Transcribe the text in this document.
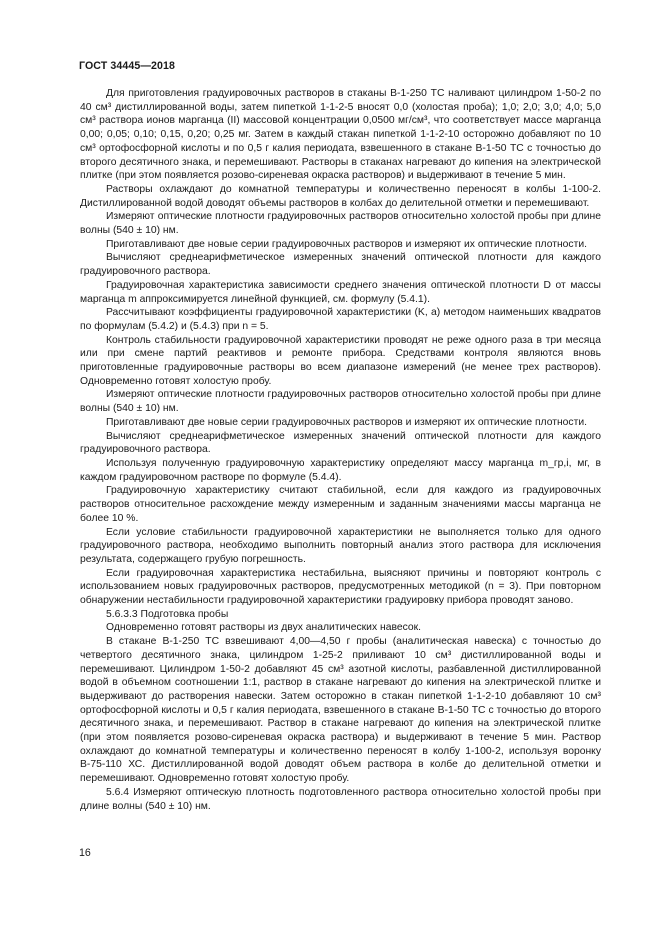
ГОСТ 34445—2018

Для приготовления градуировочных растворов в стаканы В-1-250 ТС наливают цилиндром 1-50-2 по 40 см³ дистиллированной воды, затем пипеткой 1-1-2-5 вносят 0,0 (холостая проба); 1,0; 2,0; 3,0; 4,0; 5,0 см³ раствора ионов марганца (II) массовой концентрации 0,0500 мг/см³, что соответствует массе марганца 0,00; 0,05; 0,10; 0,15, 0,20; 0,25 мг. Затем в каждый стакан пипеткой 1-1-2-10 осторожно добавляют по 10 см³ ортофосфорной кислоты и по 0,5 г калия периодата, взвешенного в стакане В-1-50 ТС с точностью до второго десятичного знака, и перемешивают. Растворы в стаканах нагревают до кипения на электрической плитке (при этом появляется розово-сиреневая окраска растворов) и выдерживают в течение 5 мин.

Растворы охлаждают до комнатной температуры и количественно переносят в колбы 1-100-2. Дистиллированной водой доводят объемы растворов в колбах до делительной отметки и перемешивают.

Измеряют оптические плотности градуировочных растворов относительно холостой пробы при длине волны (540 ± 10) нм.

Приготавливают две новые серии градуировочных растворов и измеряют их оптические плотности.

Вычисляют среднеарифметическое измеренных значений оптической плотности для каждого градуировочного раствора.

Градуировочная характеристика зависимости среднего значения оптической плотности D от массы марганца m аппроксимируется линейной функцией, см. формулу (5.4.1).

Рассчитывают коэффициенты градуировочной характеристики (K, a) методом наименьших квадратов по формулам (5.4.2) и (5.4.3) при n = 5.

Контроль стабильности градуировочной характеристики проводят не реже одного раза в три месяца или при смене партий реактивов и ремонте прибора. Средствами контроля являются вновь приготовленные градуировочные растворы во всем диапазоне измерений (не менее трех растворов). Одновременно готовят холостую пробу.

Измеряют оптические плотности градуировочных растворов относительно холостой пробы при длине волны (540 ± 10) нм.

Приготавливают две новые серии градуировочных растворов и измеряют их оптические плотности.

Вычисляют среднеарифметическое измеренных значений оптической плотности для каждого градуировочного раствора.

Используя полученную градуировочную характеристику определяют массу марганца m_гр,i, мг, в каждом градуировочном растворе по формуле (5.4.4).

Градуировочную характеристику считают стабильной, если для каждого из градуировочных растворов относительное расхождение между измеренным и заданным значениями массы марганца не более 10 %.

Если условие стабильности градуировочной характеристики не выполняется только для одного градуировочного раствора, необходимо выполнить повторный анализ этого раствора для исключения результата, содержащего грубую погрешность.

Если градуировочная характеристика нестабильна, выясняют причины и повторяют контроль с использованием новых градуировочных растворов, предусмотренных методикой (n = 3). При повторном обнаружении нестабильности градуировочной характеристики градуировку прибора проводят заново.

5.6.3.3 Подготовка пробы

Одновременно готовят растворы из двух аналитических навесок.

В стакане В-1-250 ТС взвешивают 4,00—4,50 г пробы (аналитическая навеска) с точностью до четвертого десятичного знака, цилиндром 1-25-2 приливают 10 см³ дистиллированной воды и перемешивают. Цилиндром 1-50-2 добавляют 45 см³ азотной кислоты, разбавленной дистиллированной водой в объемном соотношении 1:1, раствор в стакане нагревают до кипения на электрической плитке и выдерживают до растворения навески. Затем осторожно в стакан пипеткой 1-1-2-10 добавляют 10 см³ ортофосфорной кислоты и 0,5 г калия периодата, взвешенного в стакане В-1-50 ТС с точностью до второго десятичного знака, и перемешивают. Раствор в стакане нагревают до кипения на электрической плитке (при этом появляется розово-сиреневая окраска раствора) и выдерживают в течение 5 мин. Раствор охлаждают до комнатной температуры и количественно переносят в колбу 1-100-2, используя воронку В-75-110 ХС. Дистиллированной водой доводят объем раствора в колбе до делительной отметки и перемешивают. Одновременно готовят холостую пробу.

5.6.4 Измеряют оптическую плотность подготовленного раствора относительно холостой пробы при длине волны (540 ± 10) нм.

16
